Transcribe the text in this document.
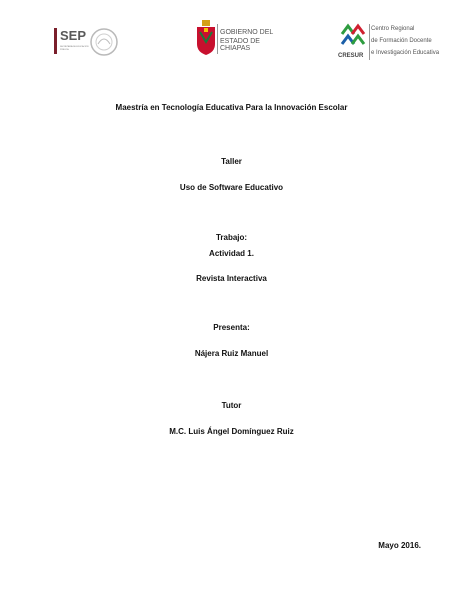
SEP
SECRETARÍA DE EDUCACIÓN PÚBLICA
GOBIERNO DEL
ESTADO DE CHIAPAS
CRESUR
Centro Regional
de Formación Docente
e Investigación Educativa
Maestría en Tecnología Educativa Para la Innovación Escolar
Taller
Uso de Software Educativo
Trabajo:
Actividad 1.
Revista Interactiva
Presenta:
Nájera Ruiz Manuel
Tutor
M.C. Luis Ángel Domínguez Ruiz
Mayo 2016.
